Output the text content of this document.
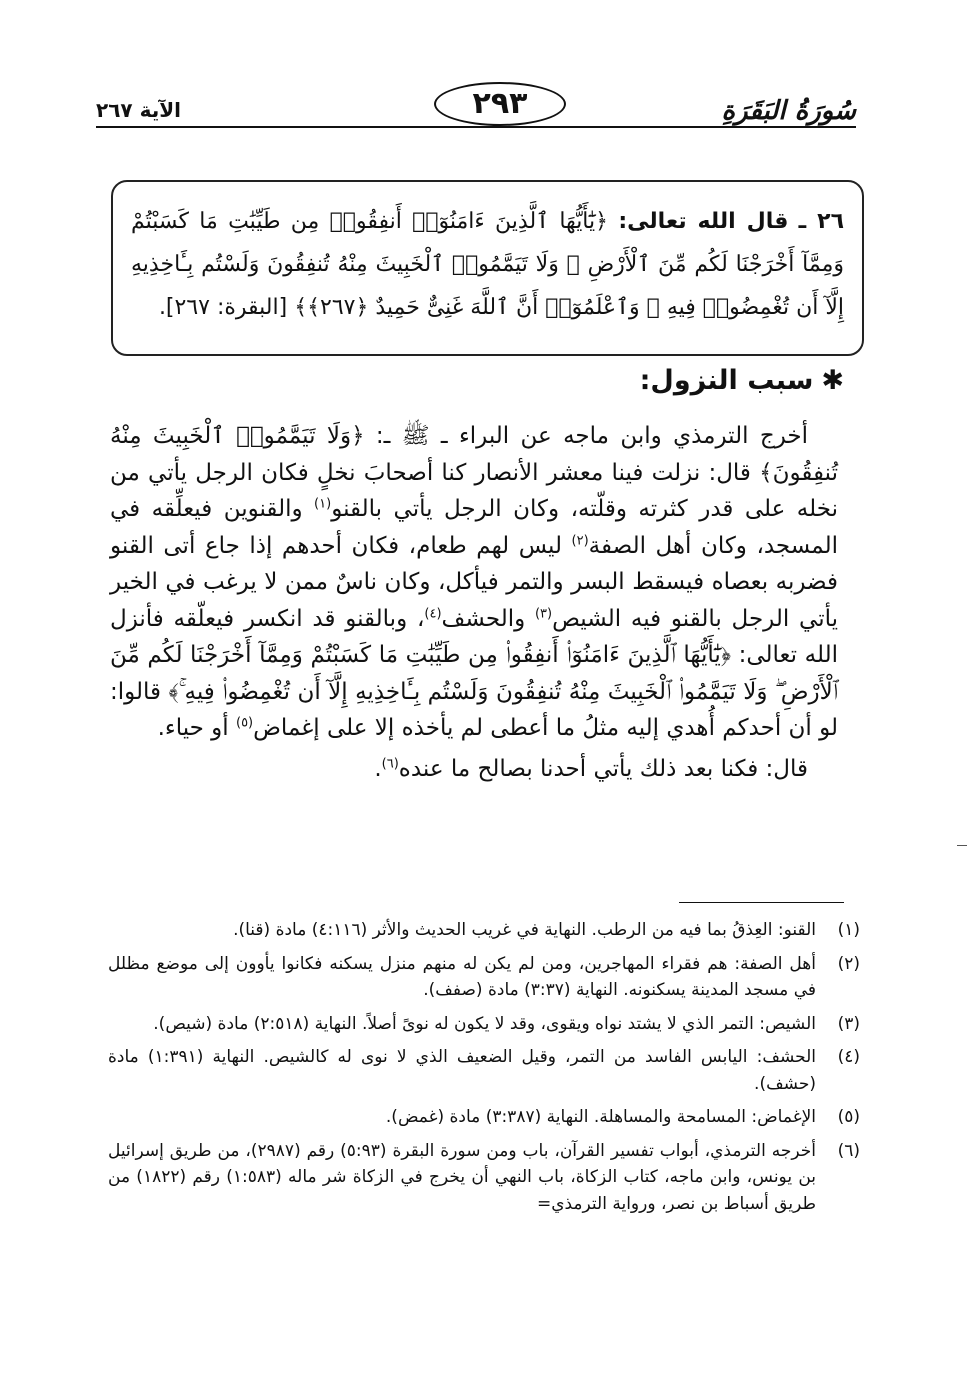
سُورَةُ البَقَرَةِ
٢٩٣
الآية ٢٦٧
٢٦ ـ قال الله تعالى: ﴿يَٰٓأَيُّهَا ٱلَّذِينَ ءَامَنُوٓا۟ أَنفِقُوا۟ مِن طَيِّبَٰتِ مَا كَسَبْتُمْ وَمِمَّآ أَخْرَجْنَا لَكُم مِّنَ ٱلْأَرْضِ ۖ وَلَا تَيَمَّمُوا۟ ٱلْخَبِيثَ مِنْهُ تُنفِقُونَ وَلَسْتُم بِـَٔاخِذِيهِ إِلَّآ أَن تُغْمِضُوا۟ فِيهِ ۚ وَٱعْلَمُوٓا۟ أَنَّ ٱللَّهَ غَنِىٌّ حَمِيدٌ ﴿٢٦٧﴾﴾ [البقرة: ٢٦٧].
✱سبب النزول:

أخرج الترمذي وابن ماجه عن البراء ـ ﷺ ـ: ﴿وَلَا تَيَمَّمُوا۟ ٱلْخَبِيثَ مِنْهُ تُنفِقُونَ﴾ قال: نزلت فينا معشر الأنصار كنا أصحابَ نخلٍ فكان الرجل يأتي من نخله على قدر كثرته وقلّته، وكان الرجل يأتي بالقنو$^{(١)}$ والقنوين فيعلِّقه في المسجد، وكان أهل الصفة$^{(٢)}$ ليس لهم طعام، فكان أحدهم إذا جاع أتى القنو فضربه بعصاه فيسقط البسر والتمر فيأكل، وكان ناسٌ ممن لا يرغب في الخير يأتي الرجل بالقنو فيه الشيص$^{(٣)}$ والحشف$^{(٤)}$، وبالقنو قد انكسر فيعلّقه فأنزل الله تعالى: ﴿يَٰٓأَيُّهَا ٱلَّذِينَ ءَامَنُوٓا۟ أَنفِقُوا۟ مِن طَيِّبَٰتِ مَا كَسَبْتُمْ وَمِمَّآ أَخْرَجْنَا لَكُم مِّنَ ٱلْأَرْضِ ۖ وَلَا تَيَمَّمُوا۟ ٱلْخَبِيثَ مِنْهُ تُنفِقُونَ وَلَسْتُم بِـَٔاخِذِيهِ إِلَّآ أَن تُغْمِضُوا۟ فِيهِ ۚ﴾ قالوا: لو أن أحدكم أُهدي إليه مثلُ ما أعطى لم يأخذه إلا على إغماض$^{(٥)}$ أو حياء.

قال: فكنا بعد ذلك يأتي أحدنا بصالح ما عنده$^{(٦)}$.

(١)
القنو: العِذقُ بما فيه من الرطب. النهاية في غريب الحديث والأثر (٤:١١٦) مادة (قنا).
(٢)
أهل الصفة: هم فقراء المهاجرين، ومن لم يكن له منهم منزل يسكنه فكانوا يأوون إلى موضع مظلل في مسجد المدينة يسكنونه. النهاية (٣:٣٧) مادة (صفف).
(٣)
الشيص: التمر الذي لا يشتد نواه ويقوى، وقد لا يكون له نوىً أصلاً. النهاية (٢:٥١٨) مادة (شيص).
(٤)
الحشف: اليابس الفاسد من التمر، وقيل الضعيف الذي لا نوى له كالشيص. النهاية (١:٣٩١) مادة (حشف).
(٥)
الإغماض: المسامحة والمساهلة. النهاية (٣:٣٨٧) مادة (غمض).
(٦)
أخرجه الترمذي، أبواب تفسير القرآن، باب ومن سورة البقرة (٥:٩٣) رقم (٢٩٨٧)، من طريق إسرائيل بن يونس، وابن ماجه، كتاب الزكاة، باب النهي أن يخرج في الزكاة شر ماله (١:٥٨٣) رقم (١٨٢٢) من طريق أسباط بن نصر، ورواية الترمذي=
